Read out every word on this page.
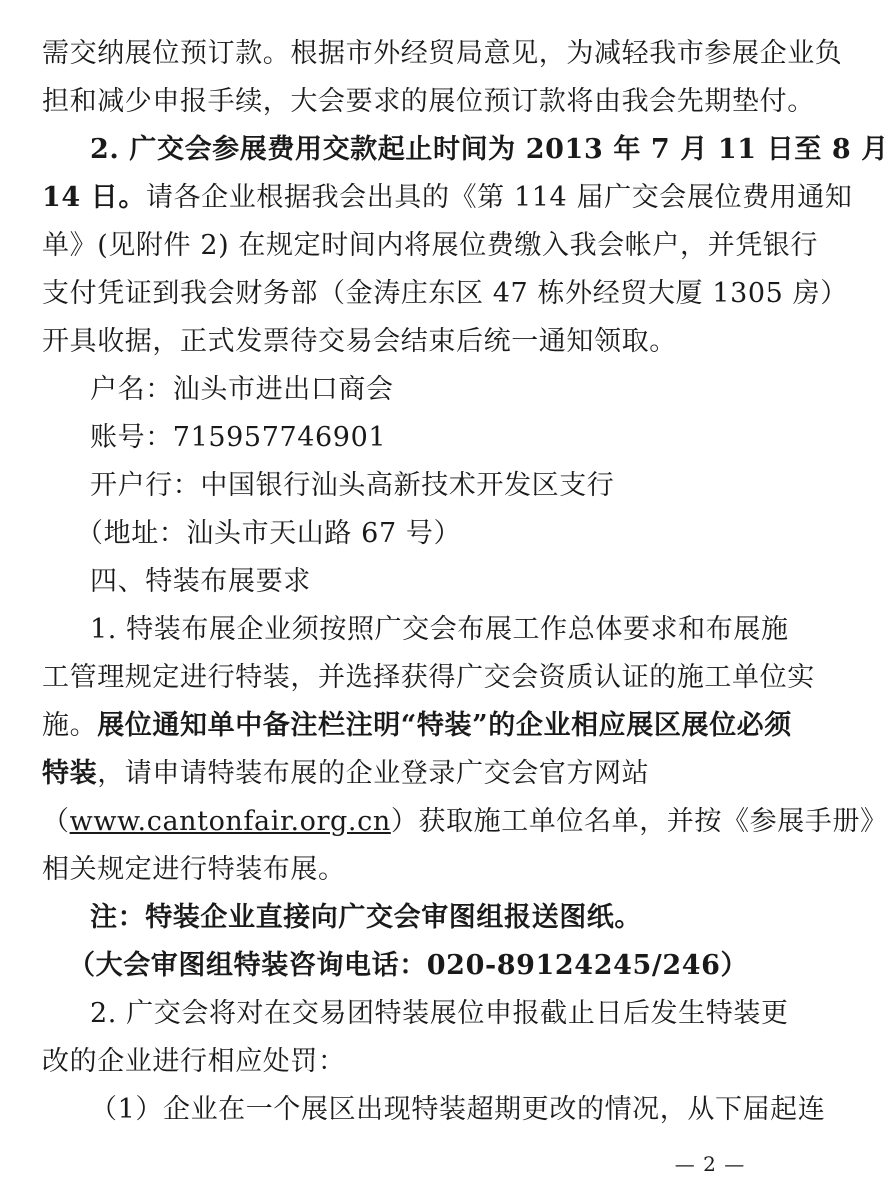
需交纳展位预订款。根据市外经贸局意见，为减轻我市参展企业负
担和减少申报手续，大会要求的展位预订款将由我会先期垫付。
2. 广交会参展费用交款起止时间为 2013 年 7 月 11 日至 8 月
14 日。请各企业根据我会出具的《第 114 届广交会展位费用通知
单》(见附件 2) 在规定时间内将展位费缴入我会帐户，并凭银行
支付凭证到我会财务部（金涛庄东区 47 栋外经贸大厦 1305 房）
开具收据，正式发票待交易会结束后统一通知领取。
户名：汕头市进出口商会
账号：715957746901
开户行：中国银行汕头高新技术开发区支行
（地址：汕头市天山路 67 号）
四、特装布展要求
1. 特装布展企业须按照广交会布展工作总体要求和布展施
工管理规定进行特装，并选择获得广交会资质认证的施工单位实
施。展位通知单中备注栏注明“特装”的企业相应展区展位必须
特装，请申请特装布展的企业登录广交会官方网站
（www.cantonfair.org.cn）获取施工单位名单，并按《参展手册》
相关规定进行特装布展。
注：特装企业直接向广交会审图组报送图纸。
（大会审图组特装咨询电话：020-89124245/246）
2. 广交会将对在交易团特装展位申报截止日后发生特装更
改的企业进行相应处罚：
（1）企业在一个展区出现特装超期更改的情况，从下届起连
— 2 —
